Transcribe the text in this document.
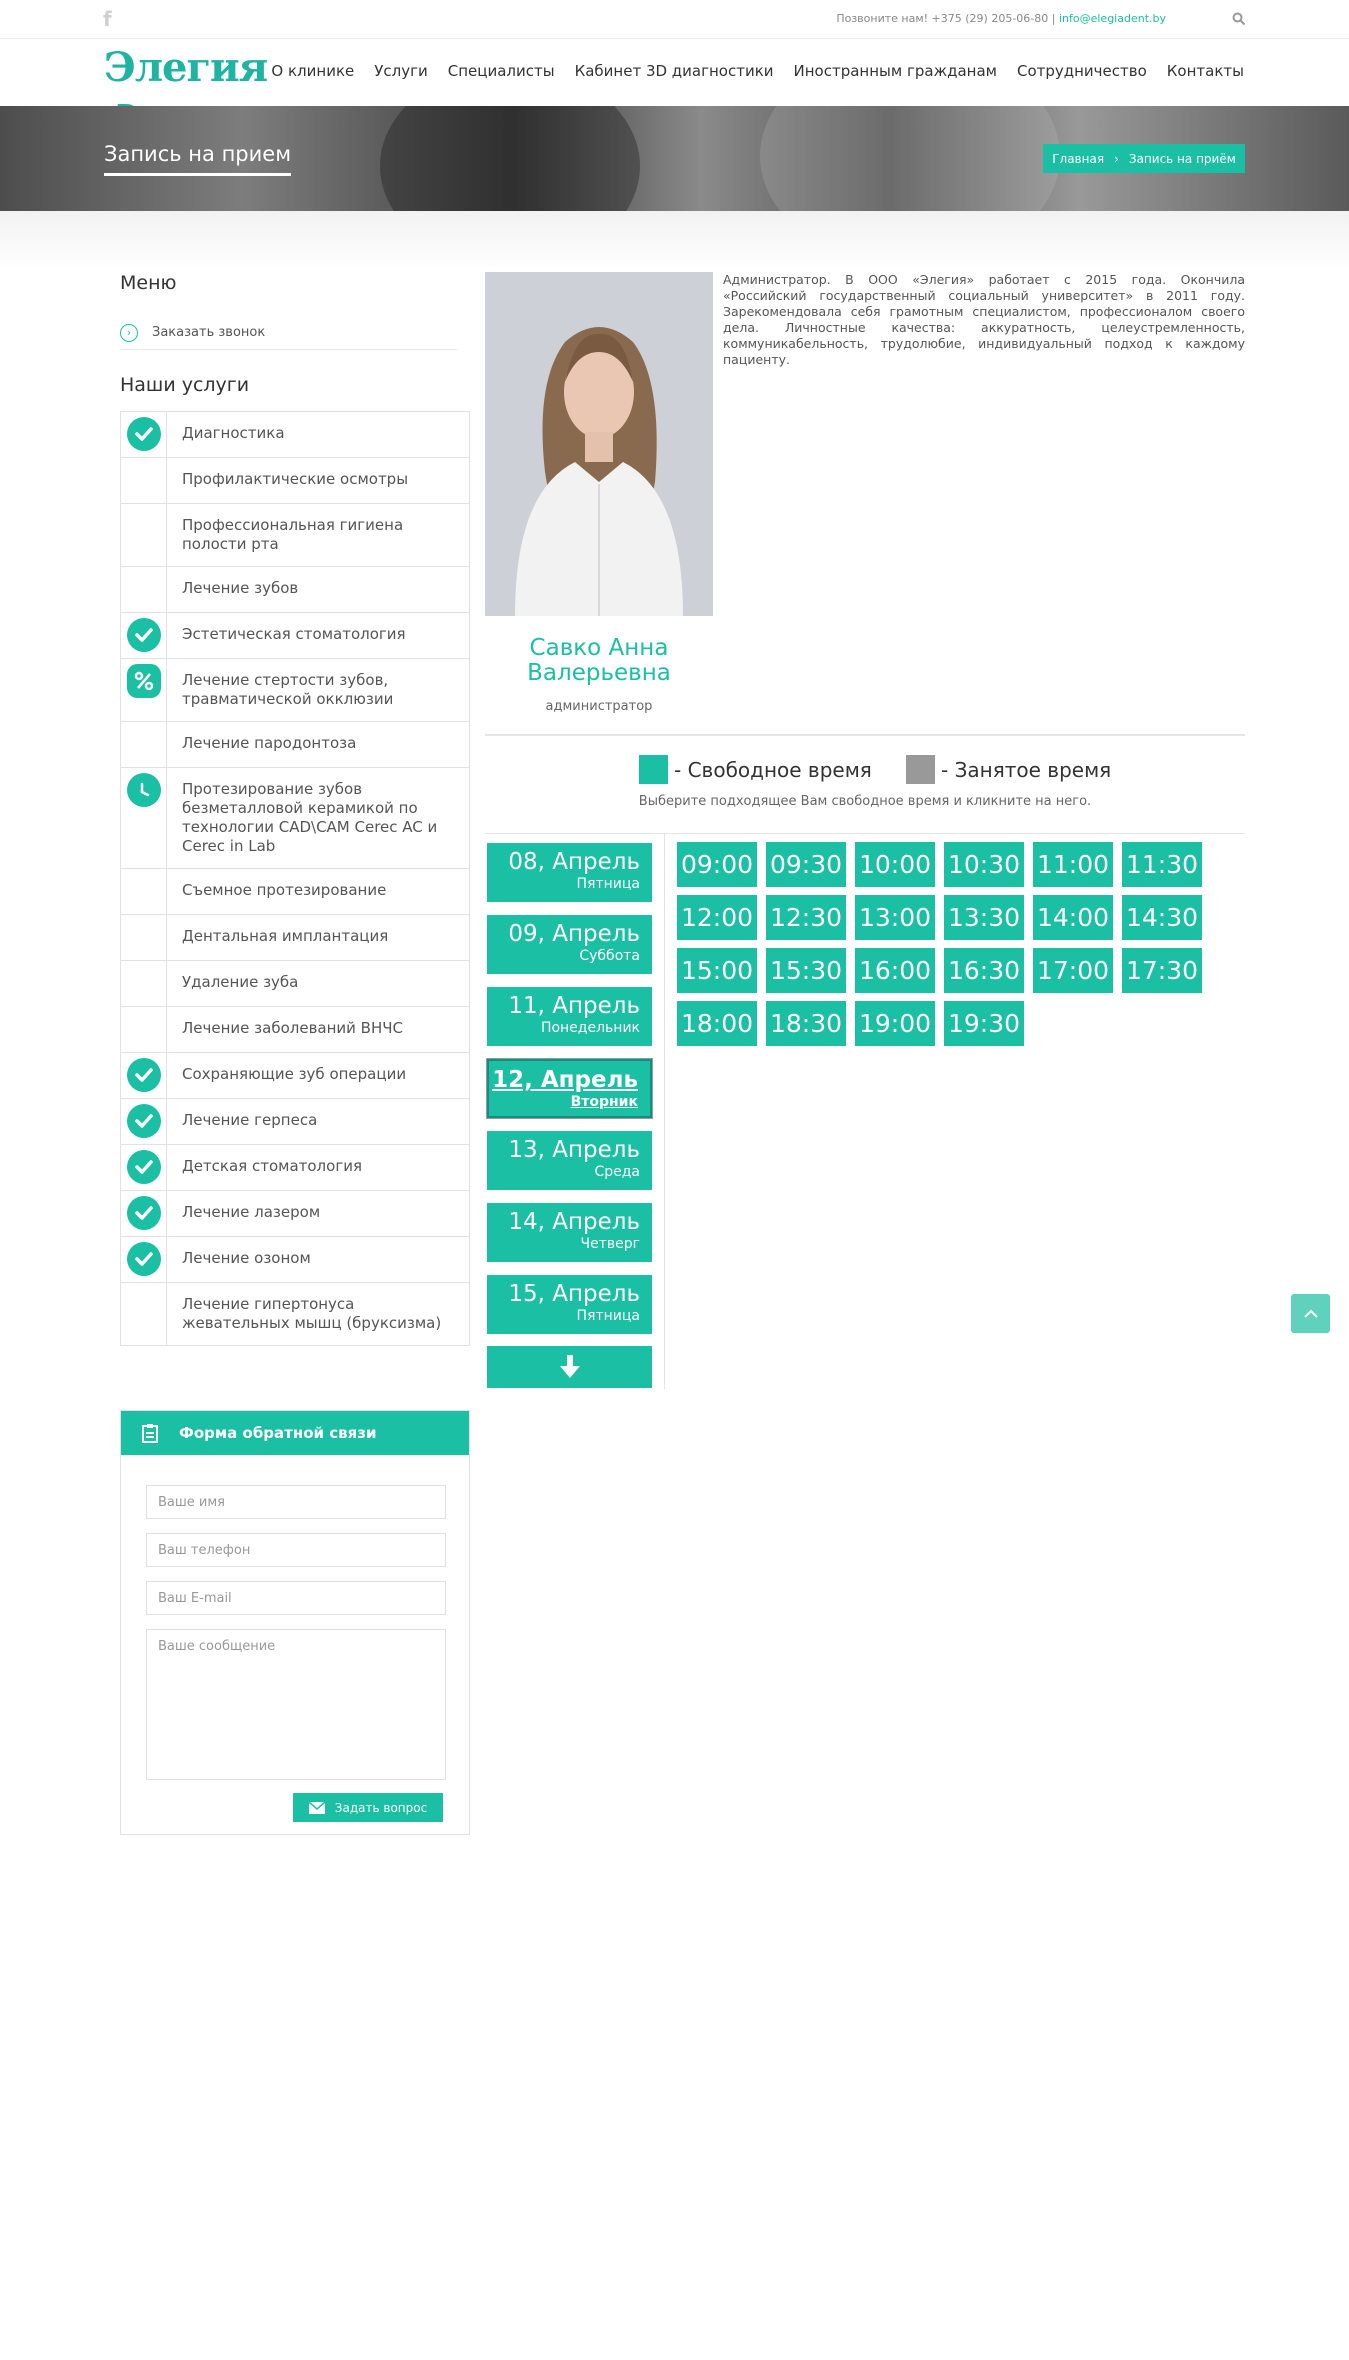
f	Позвоните нам! +375 (29) 205-06-80 | info@elegiadent.by
Элегия О клинике Услуги Специалисты Кабинет 3D диагностики Иностранным гражданам Сотрудничество Контакты
Запись на прием	Главная › Запись на приём
Меню
›	Заказать звонок
Наши услуги
Диагностика
Профилактические осмотры
Профессиональная гигиена полости рта
Лечение зубов
Эстетическая стоматология
Лечение стертости зубов, травматической окклюзии
Лечение пародонтоза
Протезирование зубов безметалловой керамикой по технологии CAD\CAM Cerec AC и Cerec in Lab
Съемное протезирование
Дентальная имплантация
Удаление зуба
Лечение заболеваний ВНЧС
Сохраняющие зуб операции
Лечение герпеса
Детская стоматология
Лечение лазером
Лечение озоном
Лечение гипертонуса жевательных мышц (бруксизма)
Форма обратной связи
Ваше имя
Ваш телефон
Ваш E-mail
Ваше сообщение
Задать вопрос
Администратор. В ООО «Элегия» работает с 2015 года. Окончила «Российский государственный социальный университет» в 2011 году. Зарекомендовала себя грамотным специалистом, профессионалом своего дела. Личностные качества: аккуратность, целеустремленность, коммуникабельность, трудолюбие, индивидуальный подход к каждому пациенту.
Савко Анна
Валерьевна
администратор
- Свободное время	- Занятое время
Выберите подходящее Вам свободное время и кликните на него.
08, Апрель
Пятница
09, Апрель
Суббота
11, Апрель
Понедельник
12, Апрель
Вторник
13, Апрель
Среда
14, Апрель
Четверг
15, Апрель
Пятница
09:00 09:30 10:00 10:30 11:00 11:30
12:00 12:30 13:00 13:30 14:00 14:30
15:00 15:30 16:00 16:30 17:00 17:30
18:00 18:30 19:00 19:30
